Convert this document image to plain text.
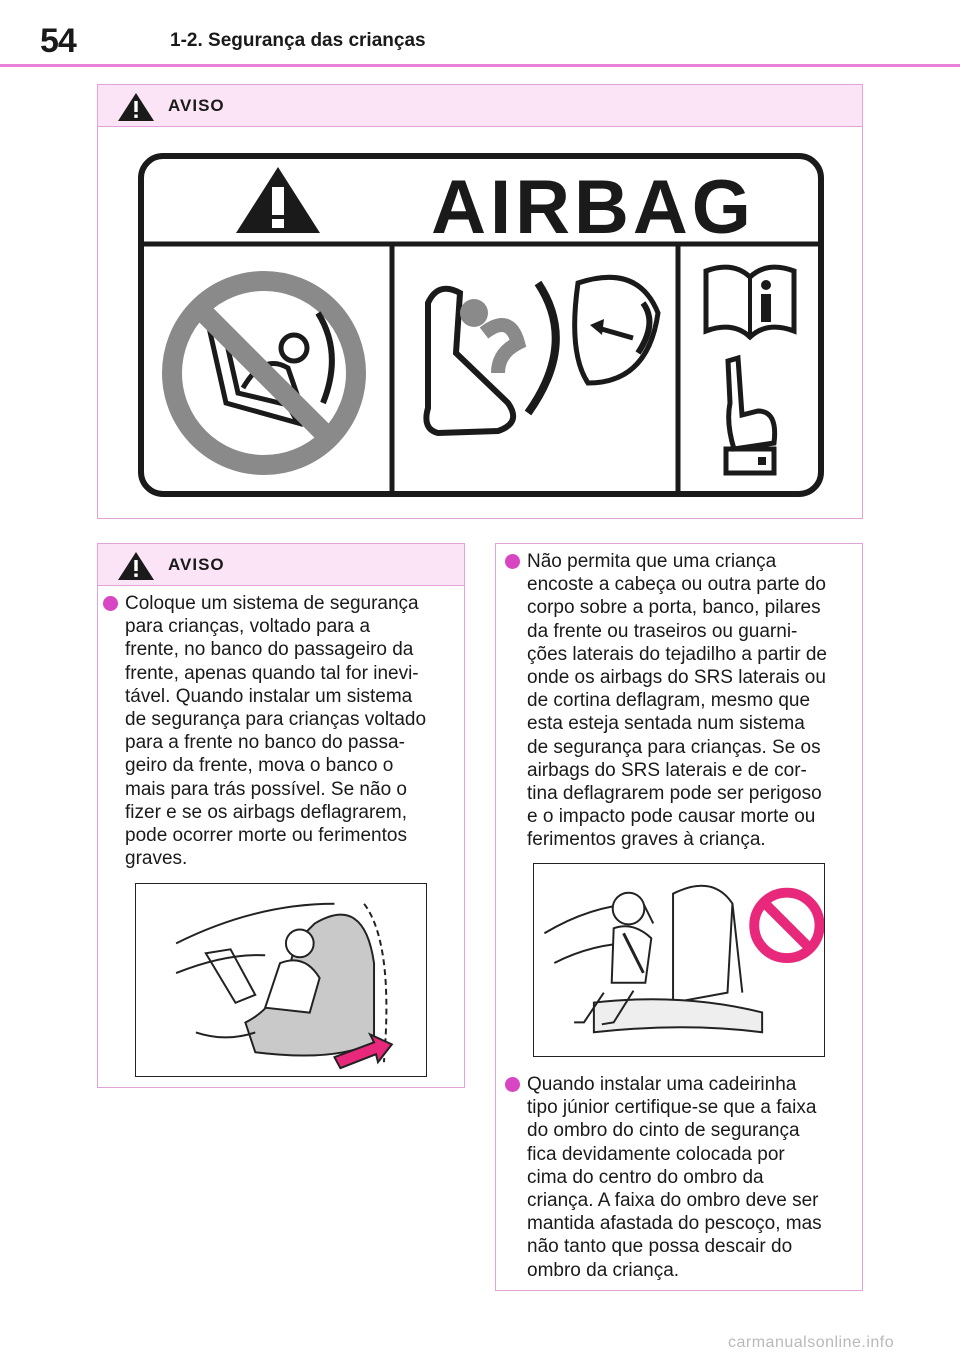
54	1-2. Segurança das crianças
AVISO
AIRBAG
AVISO
Coloque um sistema de segurança
para crianças, voltado para a
frente, no banco do passageiro da
frente, apenas quando tal for inevi-
tável. Quando instalar um sistema
de segurança para crianças voltado
para a frente no banco do passa-
geiro da frente, mova o banco o
mais para trás possível. Se não o
fizer e se os airbags deflagrarem,
pode ocorrer morte ou ferimentos
graves.
Não permita que uma criança
encoste a cabeça ou outra parte do
corpo sobre a porta, banco, pilares
da frente ou traseiros ou guarni-
ções laterais do tejadilho a partir de
onde os airbags do SRS laterais ou
de cortina deflagram, mesmo que
esta esteja sentada num sistema
de segurança para crianças. Se os
airbags do SRS laterais e de cor-
tina deflagrarem pode ser perigoso
e o impacto pode causar morte ou
ferimentos graves à criança.
Quando instalar uma cadeirinha
tipo júnior certifique-se que a faixa
do ombro do cinto de segurança
fica devidamente colocada por
cima do centro do ombro da
criança. A faixa do ombro deve ser
mantida afastada do pescoço, mas
não tanto que possa descair do
ombro da criança.
carmanualsonline.info
